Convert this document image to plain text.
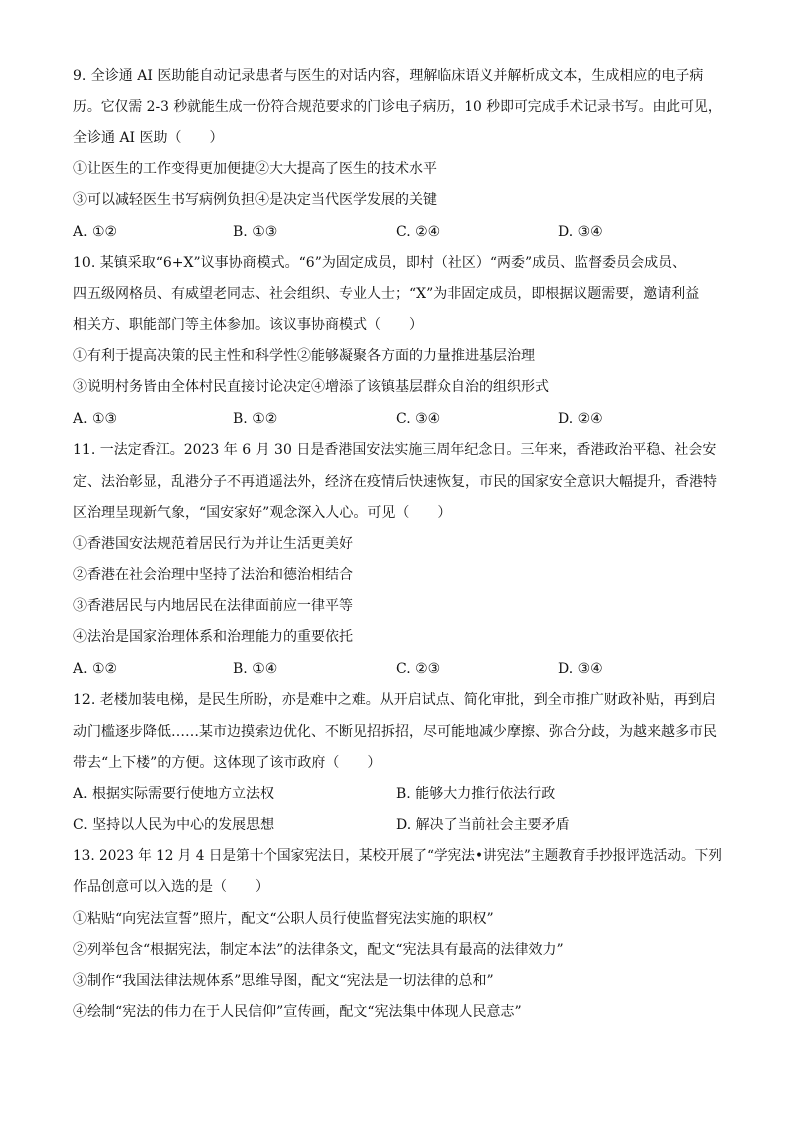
9. 全诊通 AI 医助能自动记录患者与医生的对话内容，理解临床语义并解析成文本，生成相应的电子病
历。它仅需 2-3 秒就能生成一份符合规范要求的门诊电子病历，10 秒即可完成手术记录书写。由此可见，
全诊通 AI 医助（　　）
①让医生的工作变得更加便捷②大大提高了医生的技术水平
③可以减轻医生书写病例负担④是决定当代医学发展的关键
A. ①②	B. ①③	C. ②④	D. ③④
10. 某镇采取“6+X”议事协商模式。“6”为固定成员，即村（社区）“两委”成员、监督委员会成员、
四五级网格员、有威望老同志、社会组织、专业人士；“X”为非固定成员，即根据议题需要，邀请利益
相关方、职能部门等主体参加。该议事协商模式（　　）
①有利于提高决策的民主性和科学性②能够凝聚各方面的力量推进基层治理
③说明村务皆由全体村民直接讨论决定④增添了该镇基层群众自治的组织形式
A. ①③	B. ①②	C. ③④	D. ②④
11. 一法定香江。2023 年 6 月 30 日是香港国安法实施三周年纪念日。三年来，香港政治平稳、社会安
定、法治彰显，乱港分子不再逍遥法外，经济在疫情后快速恢复，市民的国家安全意识大幅提升，香港特
区治理呈现新气象，“国安家好”观念深入人心。可见（　　）
①香港国安法规范着居民行为并让生活更美好
②香港在社会治理中坚持了法治和德治相结合
③香港居民与内地居民在法律面前应一律平等
④法治是国家治理体系和治理能力的重要依托
A. ①②	B. ①④	C. ②③	D. ③④
12. 老楼加装电梯，是民生所盼，亦是难中之难。从开启试点、简化审批，到全市推广财政补贴，再到启
动门槛逐步降低……某市边摸索边优化、不断见招拆招，尽可能地减少摩擦、弥合分歧，为越来越多市民
带去“上下楼”的方便。这体现了该市政府（　　）
A. 根据实际需要行使地方立法权	B. 能够大力推行依法行政
C. 坚持以人民为中心的发展思想	D. 解决了当前社会主要矛盾
13. 2023 年 12 月 4 日是第十个国家宪法日，某校开展了“学宪法•讲宪法”主题教育手抄报评选活动。下列
作品创意可以入选的是（　　）
①粘贴“向宪法宣誓”照片，配文“公职人员行使监督宪法实施的职权”
②列举包含“根据宪法，制定本法”的法律条文，配文“宪法具有最高的法律效力”
③制作“我国法律法规体系”思维导图，配文“宪法是一切法律的总和”
④绘制“宪法的伟力在于人民信仰”宣传画，配文“宪法集中体现人民意志”
